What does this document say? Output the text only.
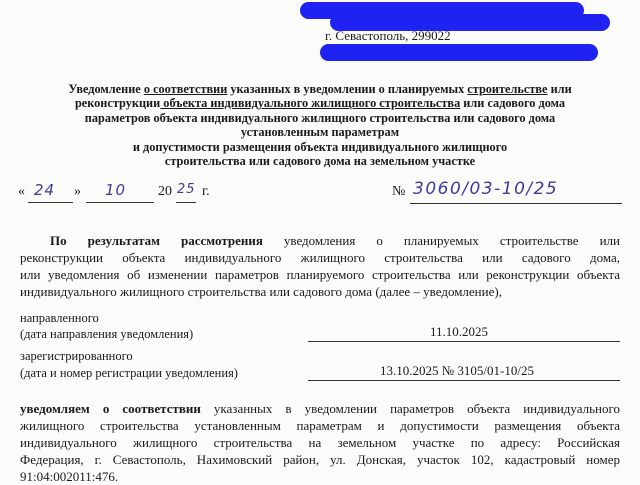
г. Севастополь, 299022
Уведомление о соответствии указанных в уведомлении о планируемых строительстве или
реконструкции объекта индивидуального жилищного строительства или садового дома
параметров объекта индивидуального жилищного строительства или садового дома
установленным параметрам
и допустимости размещения объекта индивидуального жилищного
строительства или садового дома на земельном участке
« 24 » 10 20 25 г.	№ 3060/03-10/25
По результатам рассмотрения уведомления о планируемых строительстве или
реконструкции объекта индивидуального жилищного строительства или садового дома,
или уведомления об изменении параметров планируемого строительства или реконструкции объекта
индивидуального жилищного строительства или садового дома (далее – уведомление),
направленного
(дата направления уведомления)	11.10.2025
зарегистрированного
(дата и номер регистрации уведомления)	13.10.2025 № 3105/01-10/25
уведомляем о соответствии указанных в уведомлении параметров объекта индивидуального
жилищного строительства установленным параметрам и допустимости размещения объекта
индивидуального жилищного строительства на земельном участке по адресу: Российская
Федерация, г. Севастополь, Нахимовский район, ул. Донская, участок 102, кадастровый номер
91:04:002011:476.
